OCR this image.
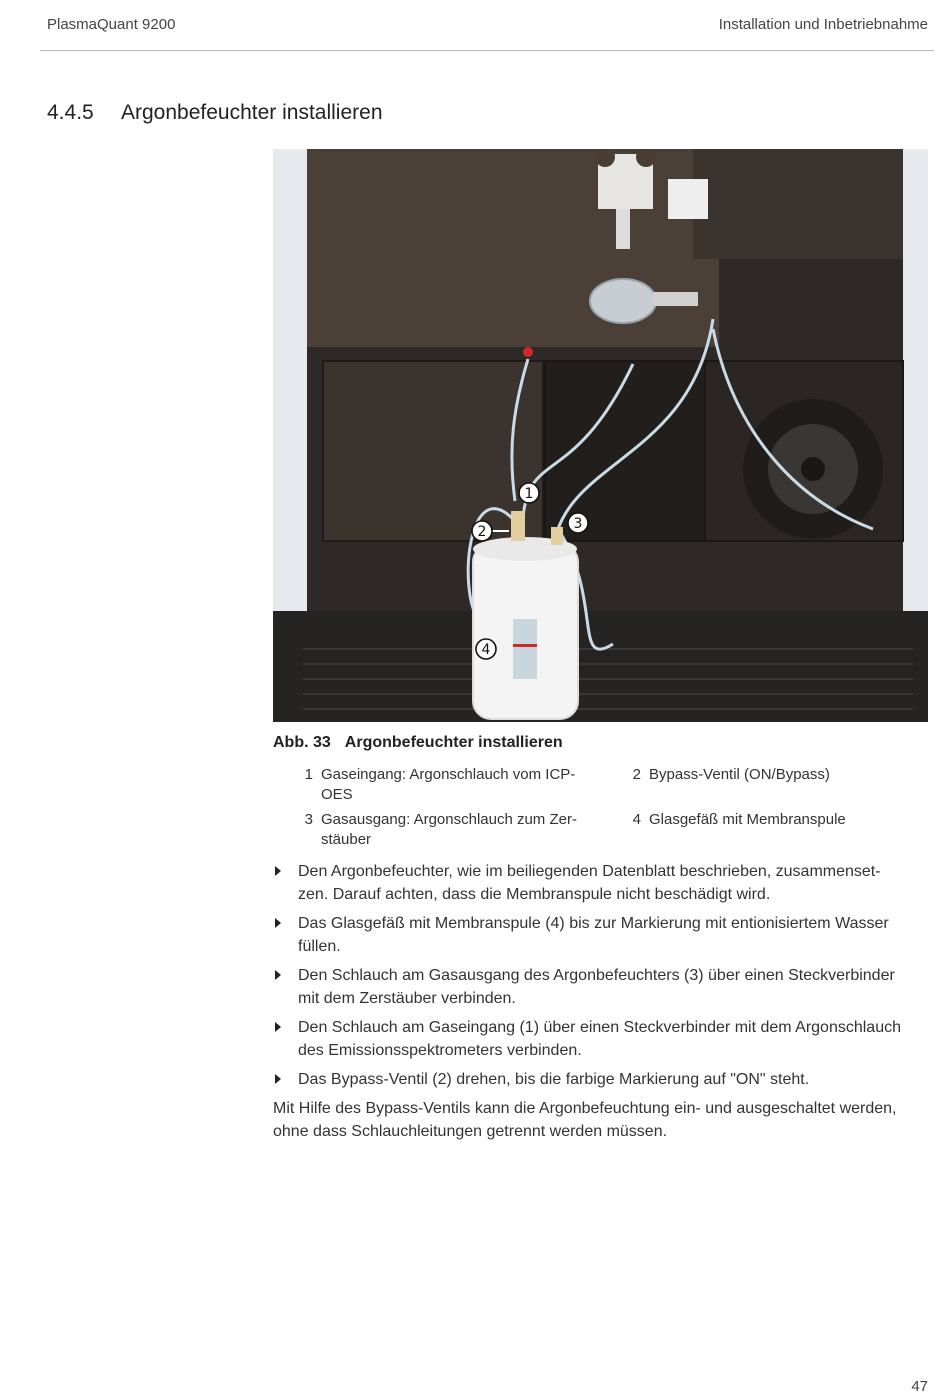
PlasmaQuant 9200	Installation und Inbetriebnahme
4.4.5 Argonbefeuchter installieren
1
2	3
4
Abb. 33 Argonbefeuchter installieren
1 Gaseingang: Argonschlauch vom ICP-
OES
2 Bypass-Ventil (ON/Bypass)
3 Gasausgang: Argonschlauch zum Zer-
stäuber
4 Glasgefäß mit Membranspule
Den Argonbefeuchter, wie im beiliegenden Datenblatt beschrieben, zusammenset-
zen. Darauf achten, dass die Membranspule nicht beschädigt wird.
Das Glasgefäß mit Membranspule (4) bis zur Markierung mit entionisiertem Wasser
füllen.
Den Schlauch am Gasausgang des Argonbefeuchters (3) über einen Steckverbinder
mit dem Zerstäuber verbinden.
Den Schlauch am Gaseingang (1) über einen Steckverbinder mit dem Argonschlauch
des Emissionsspektrometers verbinden.
Das Bypass-Ventil (2) drehen, bis die farbige Markierung auf "ON" steht.
Mit Hilfe des Bypass-Ventils kann die Argonbefeuchtung ein- und ausgeschaltet werden,
ohne dass Schlauchleitungen getrennt werden müssen.
47
